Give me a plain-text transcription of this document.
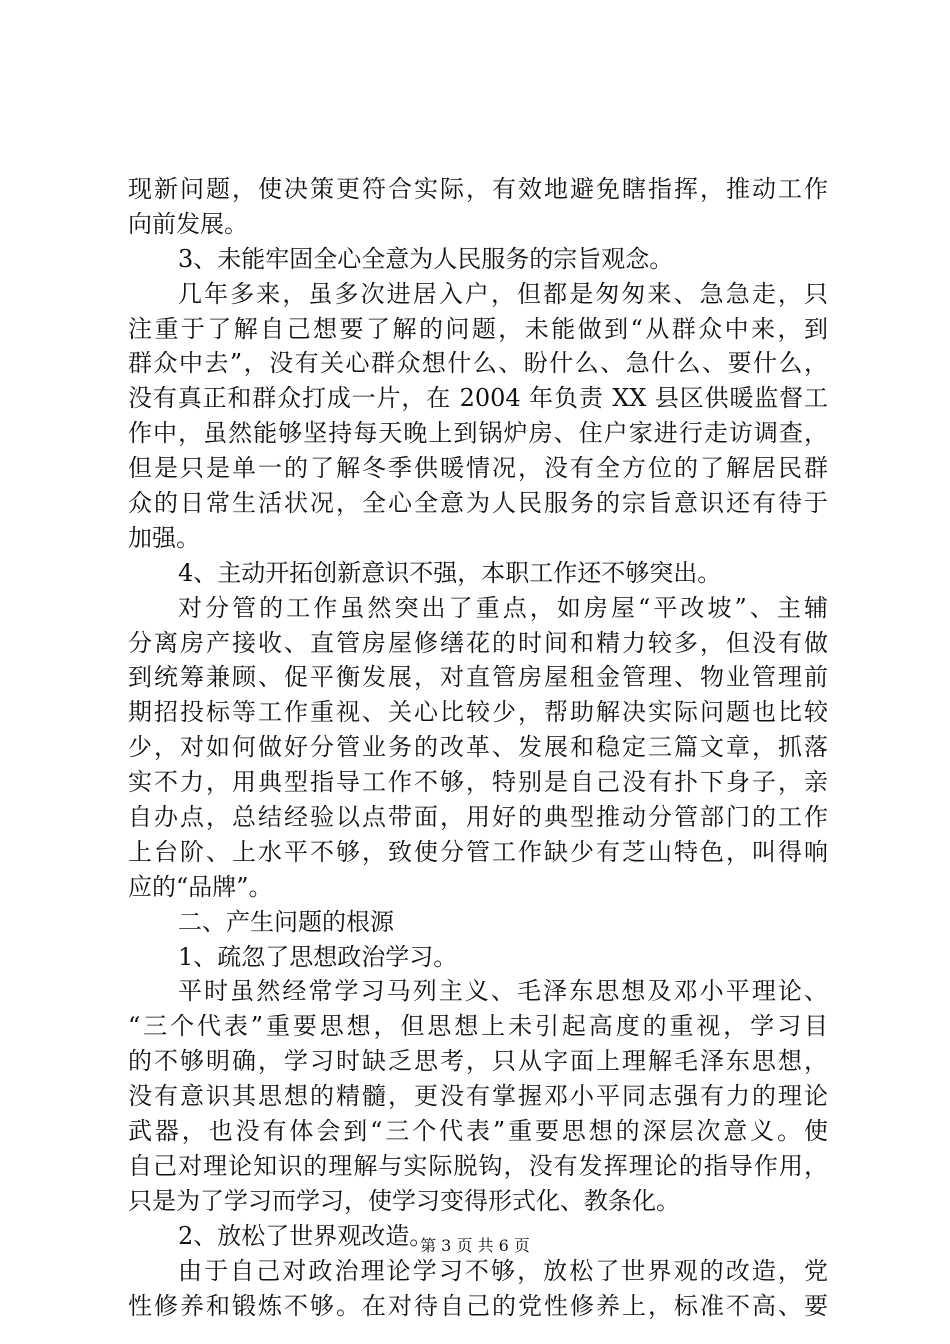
现新问题，使决策更符合实际，有效地避免瞎指挥，推动工作
向前发展。
3、未能牢固全心全意为人民服务的宗旨观念。
几年多来，虽多次进居入户，但都是匆匆来、急急走，只
注重于了解自己想要了解的问题，未能做到“从群众中来，到
群众中去”，没有关心群众想什么、盼什么、急什么、要什么，
没有真正和群众打成一片，在 2004 年负责 XX 县区供暖监督工
作中，虽然能够坚持每天晚上到锅炉房、住户家进行走访调查，
但是只是单一的了解冬季供暖情况，没有全方位的了解居民群
众的日常生活状况，全心全意为人民服务的宗旨意识还有待于
加强。
4、主动开拓创新意识不强，本职工作还不够突出。
对分管的工作虽然突出了重点，如房屋“平改坡”、主辅
分离房产接收、直管房屋修缮花的时间和精力较多，但没有做
到统筹兼顾、促平衡发展，对直管房屋租金管理、物业管理前
期招投标等工作重视、关心比较少，帮助解决实际问题也比较
少，对如何做好分管业务的改革、发展和稳定三篇文章，抓落
实不力，用典型指导工作不够，特别是自己没有扑下身子，亲
自办点，总结经验以点带面，用好的典型推动分管部门的工作
上台阶、上水平不够，致使分管工作缺少有芝山特色，叫得响
应的“品牌”。
二、产生问题的根源
1、疏忽了思想政治学习。
平时虽然经常学习马列主义、毛泽东思想及邓小平理论、
“三个代表”重要思想，但思想上未引起高度的重视，学习目
的不够明确，学习时缺乏思考，只从字面上理解毛泽东思想，
没有意识其思想的精髓，更没有掌握邓小平同志强有力的理论
武器，也没有体会到“三个代表”重要思想的深层次意义。使
自己对理论知识的理解与实际脱钩，没有发挥理论的指导作用，
只是为了学习而学习，使学习变得形式化、教条化。
2、放松了世界观改造。
由于自己对政治理论学习不够，放松了世界观的改造，党
性修养和锻炼不够。在对待自己的党性修养上，标准不高、要
第 3 页 共 6 页
